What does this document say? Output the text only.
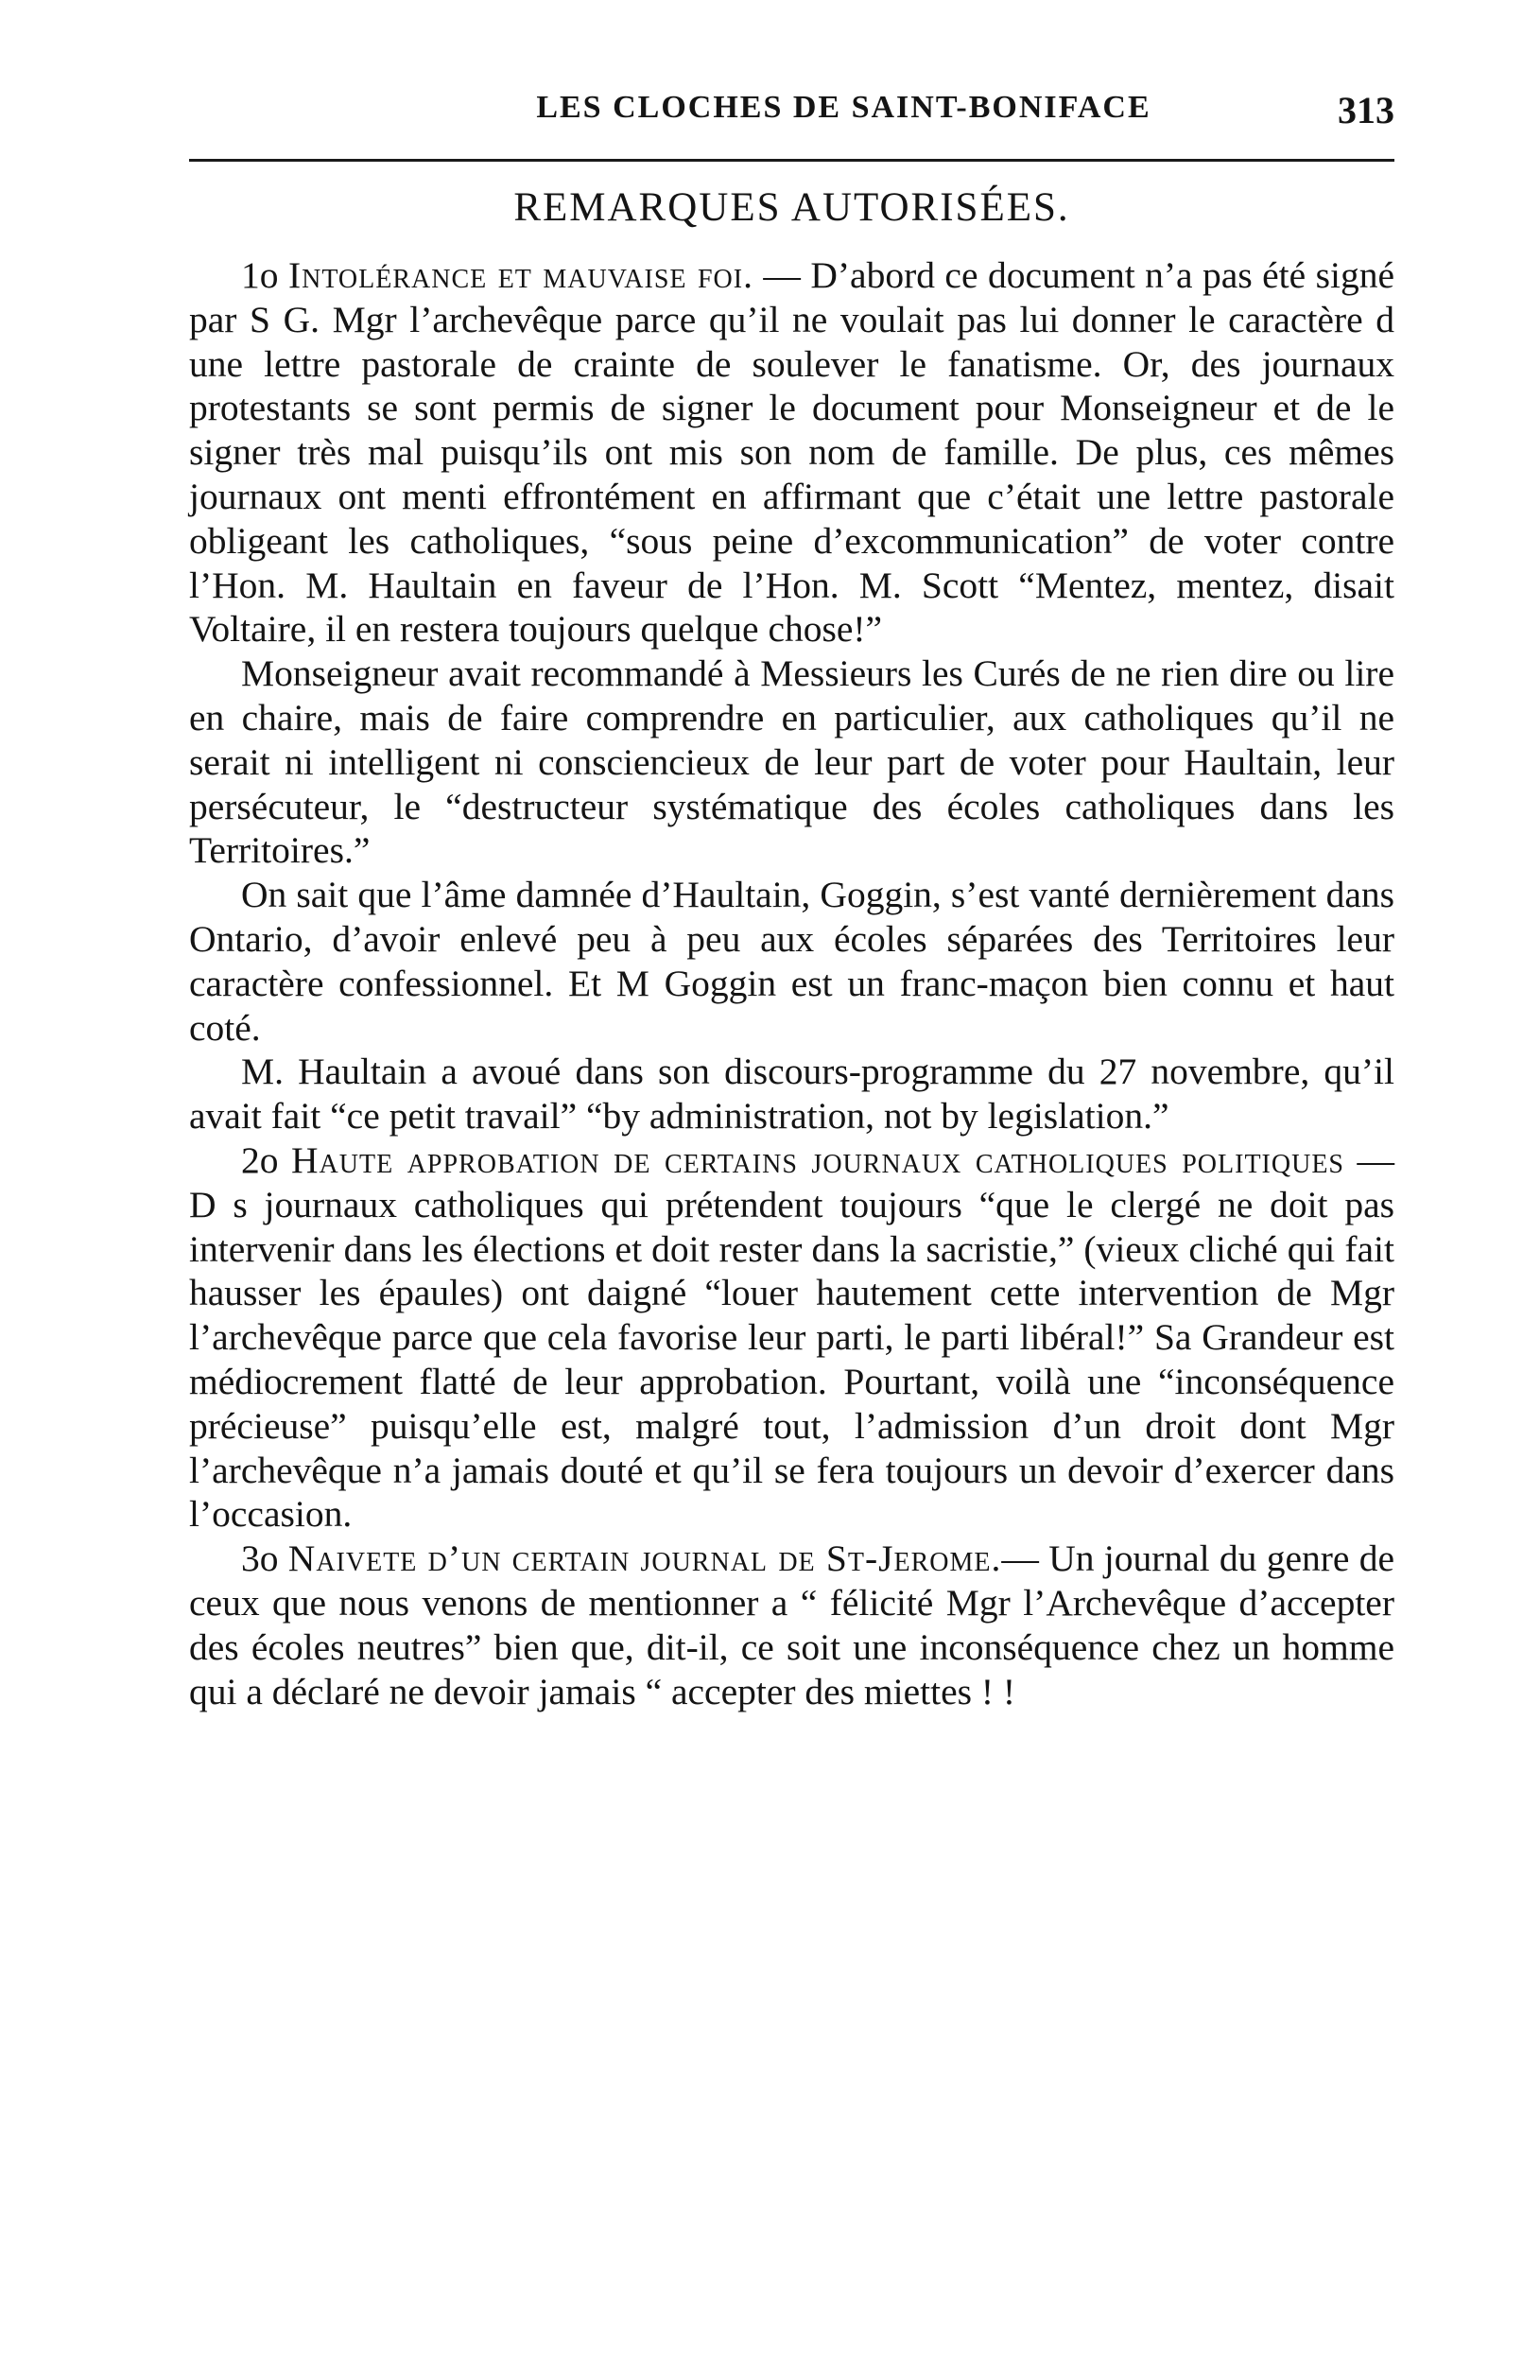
LES CLOCHES DE SAINT-BONIFACE	313
REMARQUES AUTORISÉES.

1o Intolérance et mauvaise foi. — D’abord ce document n’a pas été signé par S G. Mgr l’archevêque parce qu’il ne voulait pas lui donner le caractère d une lettre pastorale de crainte de soulever le fanatisme. Or, des journaux protestants se sont permis de signer le document pour Monseigneur et de le signer très mal puisqu’ils ont mis son nom de famille. De plus, ces mêmes journaux ont menti effrontément en affirmant que c’était une lettre pastorale obligeant les catholiques, “sous peine d’excommunication” de voter contre l’Hon. M. Haultain en faveur de l’Hon. M. Scott “Mentez, mentez, disait Voltaire, il en restera toujours quelque chose!”

Monseigneur avait recommandé à Messieurs les Curés de ne rien dire ou lire en chaire, mais de faire comprendre en particulier, aux catholiques qu’il ne serait ni intelligent ni consciencieux de leur part de voter pour Haultain, leur persécuteur, le “destructeur systématique des écoles catholiques dans les Territoires.”

On sait que l’âme damnée d’Haultain, Goggin, s’est vanté dernièrement dans Ontario, d’avoir enlevé peu à peu aux écoles séparées des Territoires leur caractère confessionnel. Et M Goggin est un franc-maçon bien connu et haut coté.

M. Haultain a avoué dans son discours-programme du 27 novembre, qu’il avait fait “ce petit travail” “by administration, not by legislation.”

2o Haute approbation de certains journaux catholiques politiques — D s journaux catholiques qui prétendent toujours “que le clergé ne doit pas intervenir dans les élections et doit rester dans la sacristie,” (vieux cliché qui fait hausser les épaules) ont daigné “louer hautement cette intervention de Mgr l’archevêque parce que cela favorise leur parti, le parti libéral!” Sa Grandeur est médiocrement flatté de leur approbation. Pourtant, voilà une “inconséquence précieuse” puisqu’elle est, malgré tout, l’admission d’un droit dont Mgr l’archevêque n’a jamais douté et qu’il se fera toujours un devoir d’exercer dans l’occasion.

3o Naivete d’un certain journal de St-Jerome.— Un journal du genre de ceux que nous venons de mentionner a “ félicité Mgr l’Archevêque d’accepter des écoles neutres” bien que, dit-il, ce soit une inconséquence chez un homme qui a déclaré ne devoir jamais “ accepter des miettes ! !
